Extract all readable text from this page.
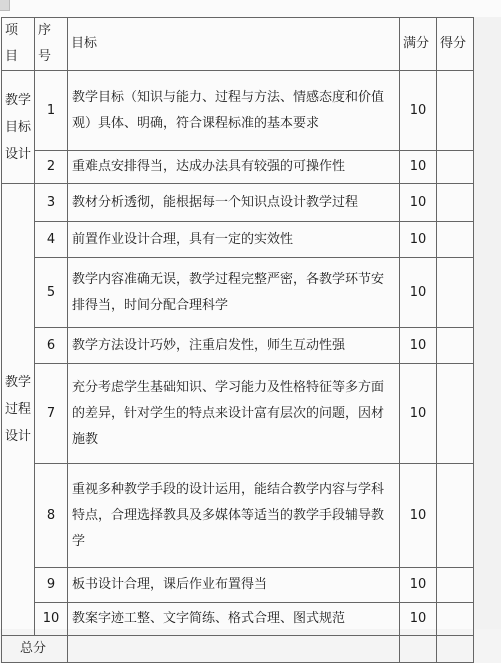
项目	序号	目标	满分	得分

教学目标设计	1	教学目标（知识与能力、过程与方法、情感态度和价值观）具体、明确，符合课程标准的基本要求	10	
	2	重难点安排得当，达成办法具有较强的可操作性	10	

教学过程设计	3	教材分析透彻，能根据每一个知识点设计教学过程	10	
	4	前置作业设计合理，具有一定的实效性	10	
	5	教学内容准确无误，教学过程完整严密，各教学环节安排得当，时间分配合理科学	10	
	6	教学方法设计巧妙，注重启发性，师生互动性强	10	
	7	充分考虑学生基础知识、学习能力及性格特征等多方面的差异，针对学生的特点来设计富有层次的问题，因材施教	10	
	8	重视多种教学手段的设计运用，能结合教学内容与学科特点，合理选择教具及多媒体等适当的教学手段辅导教学	10	
	9	板书设计合理，课后作业布置得当	10	
	10	教案字迹工整、文字简练、格式合理、图式规范	10	
总分				
